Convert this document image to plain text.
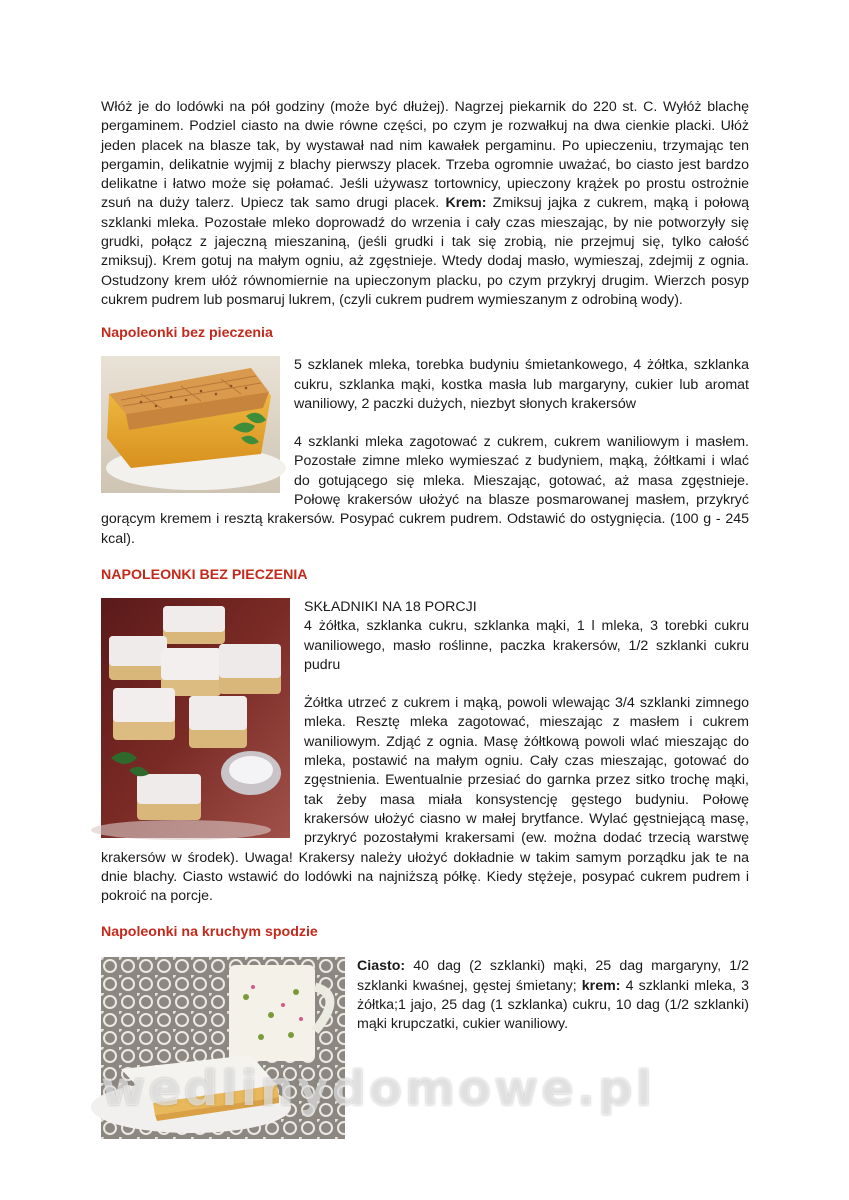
Włóż je do lodówki na pół godziny (może być dłużej). Nagrzej piekarnik do 220 st. C. Wyłóż blachę pergaminem. Podziel ciasto na dwie równe części, po czym je rozwałkuj na dwa cienkie placki. Ułóż jeden placek na blasze tak, by wystawał nad nim kawałek pergaminu. Po upieczeniu, trzymając ten pergamin, delikatnie wyjmij z blachy pierwszy placek. Trzeba ogromnie uważać, bo ciasto jest bardzo delikatne i łatwo może się połamać. Jeśli używasz tortownicy, upieczony krążek po prostu ostrożnie zsuń na duży talerz. Upiecz tak samo drugi placek. Krem: Zmiksuj jajka z cukrem, mąką i połową szklanki mleka. Pozostałe mleko doprowadź do wrzenia i cały czas mieszając, by nie potworzyły się grudki, połącz z jajeczną mieszaniną, (jeśli grudki i tak się zrobią, nie przejmuj się, tylko całość zmiksuj). Krem gotuj na małym ogniu, aż zgęstnieje. Wtedy dodaj masło, wymieszaj, zdejmij z ognia. Ostudzony krem ułóż równomiernie na upieczonym placku, po czym przykryj drugim. Wierzch posyp cukrem pudrem lub posmaruj lukrem, (czyli cukrem pudrem wymieszanym z odrobiną wody).

Napoleonki bez pieczenia

5 szklanek mleka, torebka budyniu śmietankowego, 4 żółtka, szklanka cukru, szklanka mąki, kostka masła lub margaryny, cukier lub aromat waniliowy, 2 paczki dużych, niezbyt słonych krakersów

4 szklanki mleka zagotować z cukrem, cukrem waniliowym i masłem. Pozostałe zimne mleko wymieszać z budyniem, mąką, żółtkami i wlać do gotującego się mleka. Mieszając, gotować, aż masa zgęstnieje. Połowę krakersów ułożyć na blasze posmarowanej masłem, przykryć gorącym kremem i resztą krakersów. Posypać cukrem pudrem. Odstawić do ostygnięcia. (100 g - 245 kcal).

NAPOLEONKI BEZ PIECZENIA

SKŁADNIKI NA 18 PORCJI

4 żółtka, szklanka cukru, szklanka mąki, 1 l mleka, 3 torebki cukru waniliowego, masło roślinne, paczka krakersów, 1/2 szklanki cukru pudru

Żółtka utrzeć z cukrem i mąką, powoli wlewając 3/4 szklanki zimnego mleka. Resztę mleka zagotować, mieszając z masłem i cukrem waniliowym. Zdjąć z ognia. Masę żółtkową powoli wlać mieszając do mleka, postawić na małym ogniu. Cały czas mieszając, gotować do zgęstnienia. Ewentualnie przesiać do garnka przez sitko trochę mąki, tak żeby masa miała konsystencję gęstego budyniu. Połowę krakersów ułożyć ciasno w małej brytfance. Wylać gęstniejącą masę, przykryć pozostałymi krakersami (ew. można dodać trzecią warstwę krakersów w środek). Uwaga! Krakersy należy ułożyć dokładnie w takim samym porządku jak te na dnie blachy. Ciasto wstawić do lodówki na najniższą półkę. Kiedy stężeje, posypać cukrem pudrem i pokroić na porcje.

Napoleonki na kruchym spodzie
wedlinydomowe.pl

Ciasto: 40 dag (2 szklanki) mąki, 25 dag margaryny, 1/2 szklanki kwaśnej, gęstej śmietany; krem: 4 szklanki mleka, 3 żółtka;1 jajo, 25 dag (1 szklanka) cukru, 10 dag (1/2 szklanki) mąki krupczatki, cukier waniliowy.
